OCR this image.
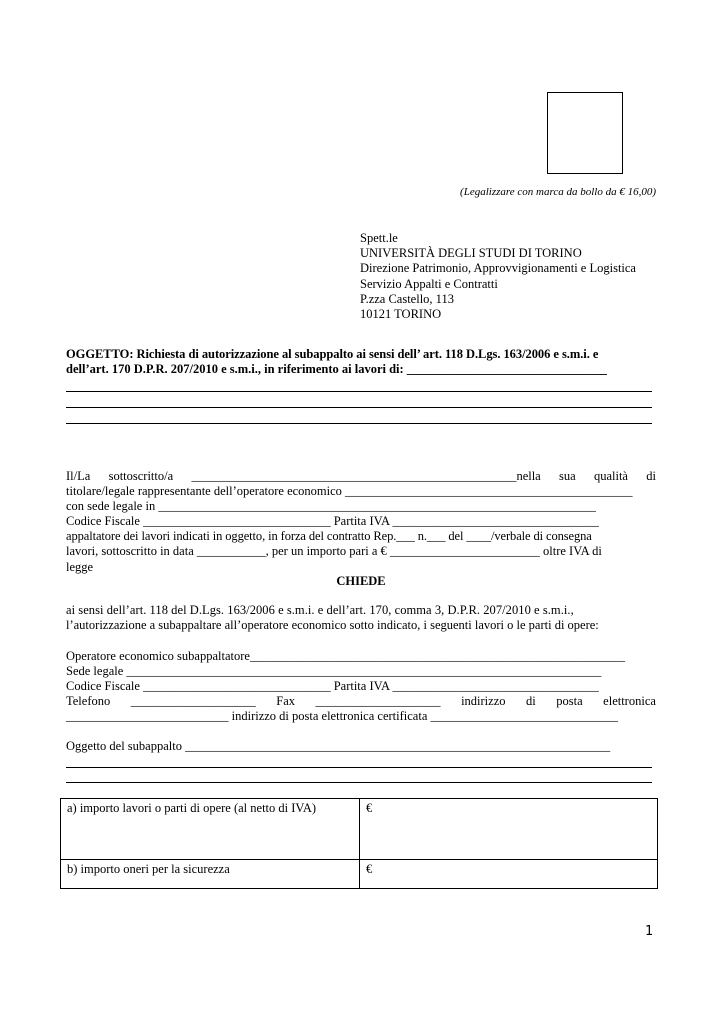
(Legalizzare con marca da bollo da € 16,00)
Spett.le
UNIVERSITÀ DEGLI STUDI DI TORINO
Direzione Patrimonio, Approvvigionamenti e Logistica
Servizio Appalti e Contratti
P.zza Castello, 113
10121 TORINO
OGGETTO: Richiesta di autorizzazione al subappalto ai sensi dell’ art. 118 D.Lgs. 163/2006 e s.m.i. e
dell’art. 170 D.P.R. 207/2010 e s.m.i., in riferimento ai lavori di: ________________________________
Il/La sottoscritto/a ____________________________________________________nella sua qualità di
titolare/legale rappresentante dell’operatore economico ______________________________________________
con sede legale in ______________________________________________________________________
Codice Fiscale ______________________________ Partita IVA _________________________________
appaltatore dei lavori indicati in oggetto, in forza del contratto Rep.___ n.___ del ____/verbale di consegna
lavori, sottoscritto in data ___________, per un importo pari a € ________________________ oltre IVA di
legge
CHIEDE
ai sensi dell’art. 118 del D.Lgs. 163/2006 e s.m.i. e dell’art. 170, comma 3, D.P.R. 207/2010 e s.m.i.,
l’autorizzazione a subappaltare all’operatore economico sotto indicato, i seguenti lavori o le parti di opere:
Operatore economico subappaltatore____________________________________________________________
Sede legale ____________________________________________________________________________
Codice Fiscale ______________________________ Partita IVA _________________________________
Telefono ____________________ Fax ____________________ indirizzo di posta elettronica
__________________________ indirizzo di posta elettronica certificata ______________________________
Oggetto del subappalto ____________________________________________________________________
a) importo lavori o parti di opere (al netto di IVA)	€
b) importo oneri per la sicurezza	€
1
